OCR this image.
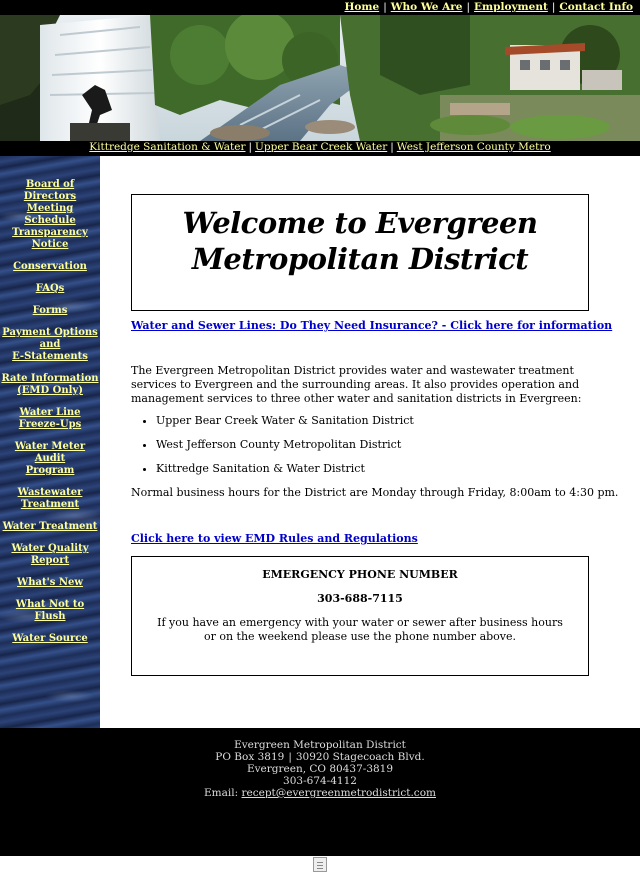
Home | Who We Are | Employment | Contact Info
Kittredge Sanitation & Water | Upper Bear Creek Water | West Jefferson County Metro
Board of Directors
Meeting Schedule
Transparency Notice
Conservation
FAQs
Forms
Payment Options and
E-Statements
Rate Information
(EMD Only)
Water Line
Freeze-Ups
Water Meter Audit
Program
Wastewater
Treatment
Water Treatment
Water Quality Report
What's New
What Not to Flush
Water Source
Welcome to Evergreen
Metropolitan District
Water and Sewer Lines: Do They Need Insurance? - Click here for information

The Evergreen Metropolitan District provides water and wastewater treatment services to Evergreen and the surrounding areas. It also provides operation and management services to three other water and sanitation districts in Evergreen:

• Upper Bear Creek Water & Sanitation District
• West Jefferson County Metropolitan District
• Kittredge Sanitation & Water District

Normal business hours for the District are Monday through Friday, 8:00am to 4:30 pm.

Click here to view EMD Rules and Regulations

EMERGENCY PHONE NUMBER

303-688-7115

If you have an emergency with your water or sewer after business hours or on the weekend please use the phone number above.

Evergreen Metropolitan District
PO Box 3819 | 30920 Stagecoach Blvd.
Evergreen, CO 80437-3819
303-674-4112
Email: recept@evergreenmetrodistrict.com
